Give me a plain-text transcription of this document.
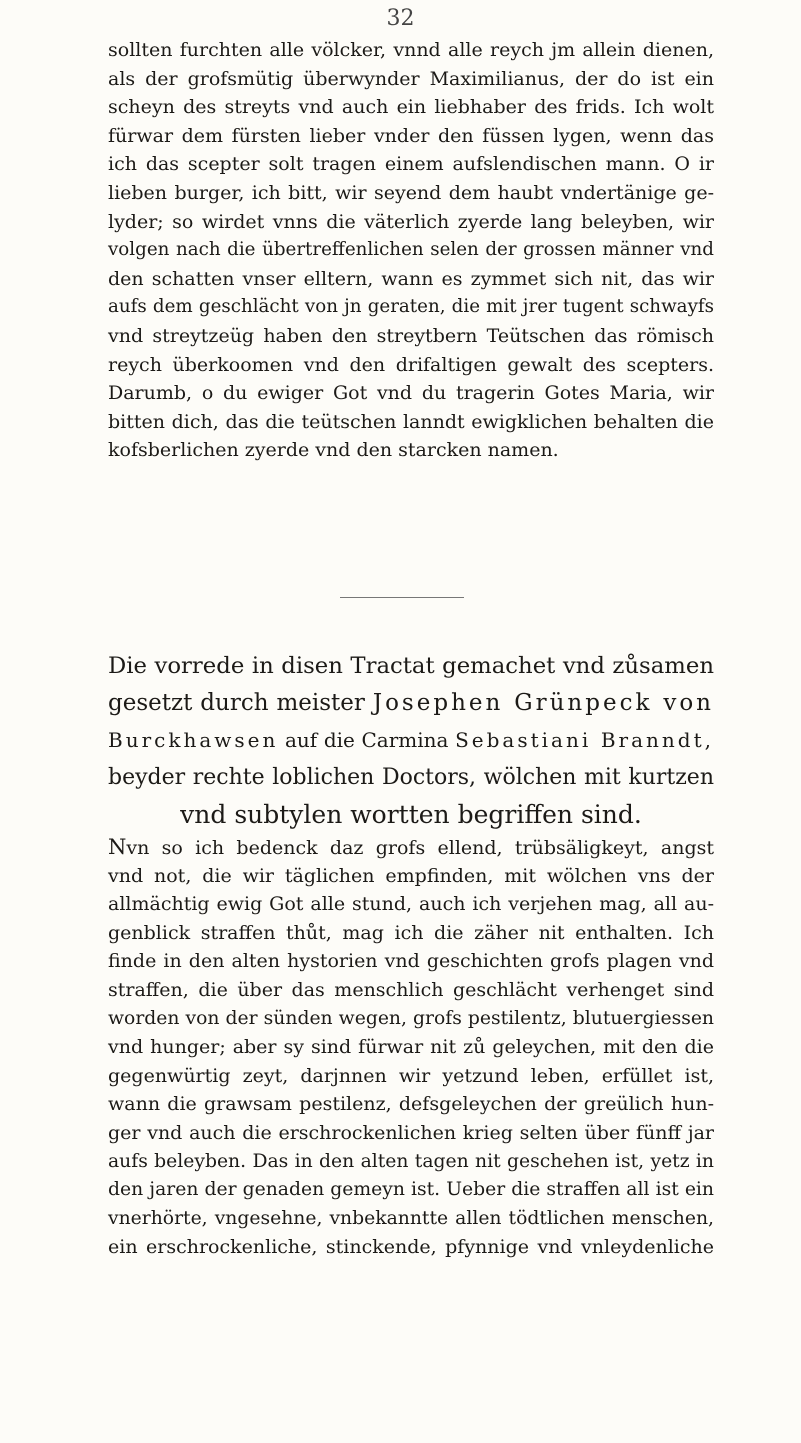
32
sollten furchten alle völcker, vnnd alle reych jm allein dienen,
als der grofsmütig überwynder Maximilianus, der do ist ein
scheyn des streyts vnd auch ein liebhaber des frids. Ich wolt
fürwar dem fürsten lieber vnder den füssen lygen, wenn das
ich das scepter solt tragen einem aufslendischen mann. O ir
lieben burger, ich bitt, wir seyend dem haubt vndertänige ge-
lyder; so wirdet vnns die väterlich zyerde lang beleyben, wir
volgen nach die übertreffenlichen selen der grossen männer vnd
den schatten vnser elltern, wann es zymmet sich nit, das wir
aufs dem geschlächt von jn geraten, die mit jrer tugent schwayfs
vnd streytzeüg haben den streytbern Teütschen das römisch
reych überkoomen vnd den drifaltigen gewalt des scepters.
Darumb, o du ewiger Got vnd du tragerin Gotes Maria, wir
bitten dich, das die teütschen lanndt ewigklichen behalten die
kofsberlichen zyerde vnd den starcken namen.
Die vorrede in disen Tractat gemachet vnd zůsamen
gesetzt durch meister Josephen Grünpeck von
Burckhawsen auf die Carmina Sebastiani Branndt,
beyder rechte loblichen Doctors, wölchen mit kurtzen
vnd subtylen wortten begriffen sind.
Nvn so ich bedenck daz grofs ellend, trübsäligkeyt, angst
vnd not, die wir täglichen empfinden, mit wölchen vns der
allmächtig ewig Got alle stund, auch ich verjehen mag, all au-
genblick straffen thůt, mag ich die zäher nit enthalten. Ich
finde in den alten hystorien vnd geschichten grofs plagen vnd
straffen, die über das menschlich geschlächt verhenget sind
worden von der sünden wegen, grofs pestilentz, blutuergiessen
vnd hunger; aber sy sind fürwar nit zů geleychen, mit den die
gegenwürtig zeyt, darjnnen wir yetzund leben, erfüllet ist,
wann die grawsam pestilenz, defsgeleychen der greülich hun-
ger vnd auch die erschrockenlichen krieg selten über fünff jar
aufs beleyben. Das in den alten tagen nit geschehen ist, yetz in
den jaren der genaden gemeyn ist. Ueber die straffen all ist ein
vnerhörte, vngesehne, vnbekanntte allen tödtlichen menschen,
ein erschrockenliche, stinckende, pfynnige vnd vnleydenliche
